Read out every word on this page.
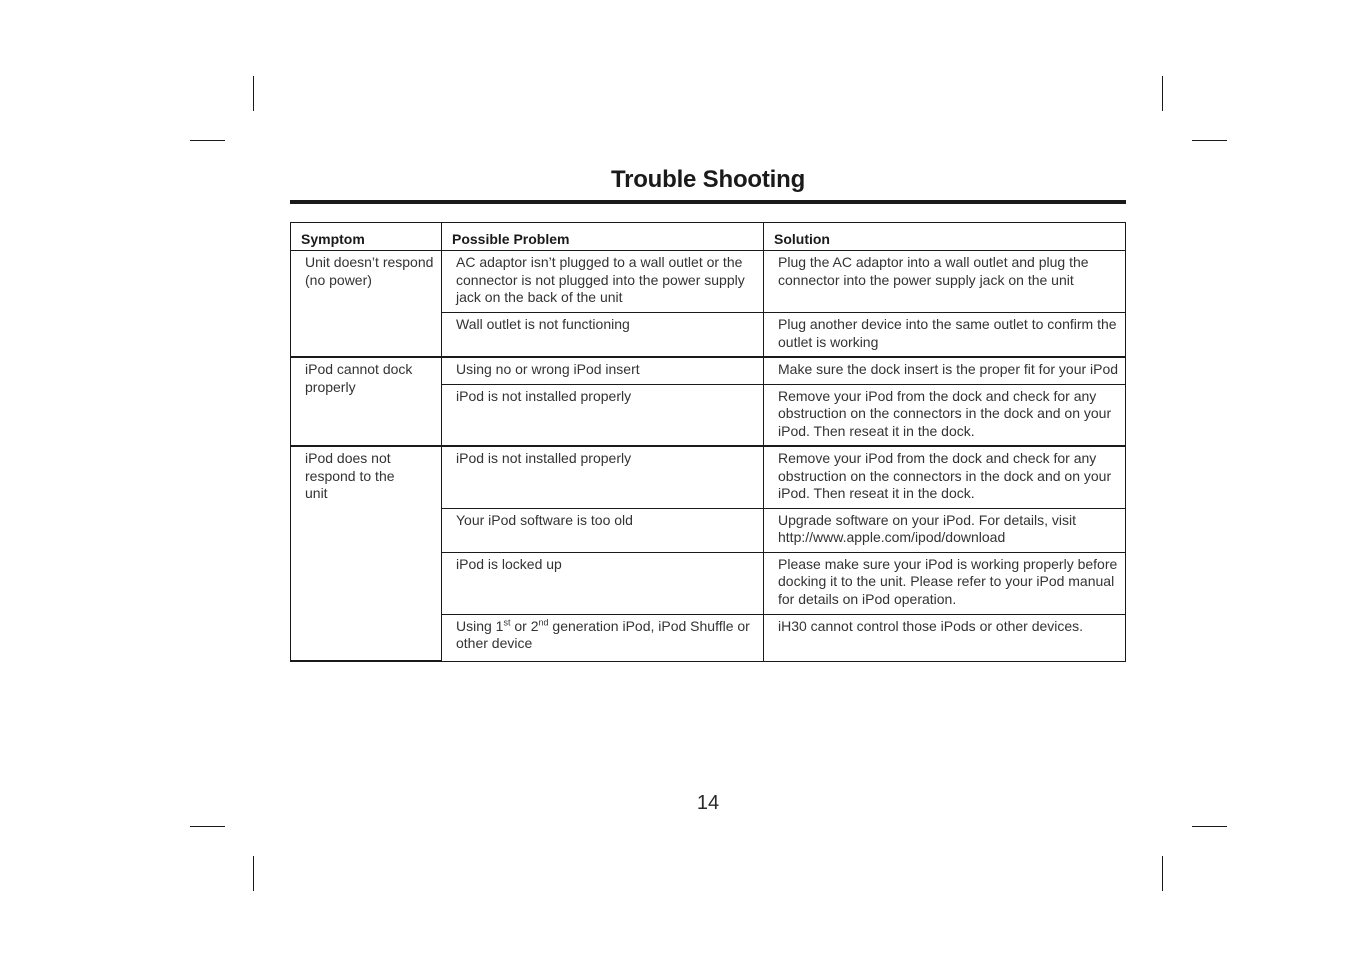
Trouble Shooting
Symptom	Possible Problem	Solution
Unit doesn’t respond (no power)	AC adaptor isn’t plugged to a wall outlet or the connector is not plugged into the power supply jack on the back of the unit	Plug the AC adaptor into a wall outlet and plug the connector into the power supply jack on the unit
	Wall outlet is not functioning	Plug another device into the same outlet to confirm the outlet is working
iPod cannot dock properly	Using no or wrong iPod insert	Make sure the dock insert is the proper fit for your iPod
	iPod is not installed properly	Remove your iPod from the dock and check for any obstruction on the connectors in the dock and on your iPod. Then reseat it in the dock.
iPod does not respond to the unit	iPod is not installed properly	Remove your iPod from the dock and check for any obstruction on the connectors in the dock and on your iPod. Then reseat it in the dock.
	Your iPod software is too old	Upgrade software on your iPod. For details, visit http://www.apple.com/ipod/download
	iPod is locked up	Please make sure your iPod is working properly before docking it to the unit. Please refer to your iPod manual for details on iPod operation.
	Using 1st or 2nd generation iPod, iPod Shuffle or other device	iH30 cannot control those iPods or other devices.
14
